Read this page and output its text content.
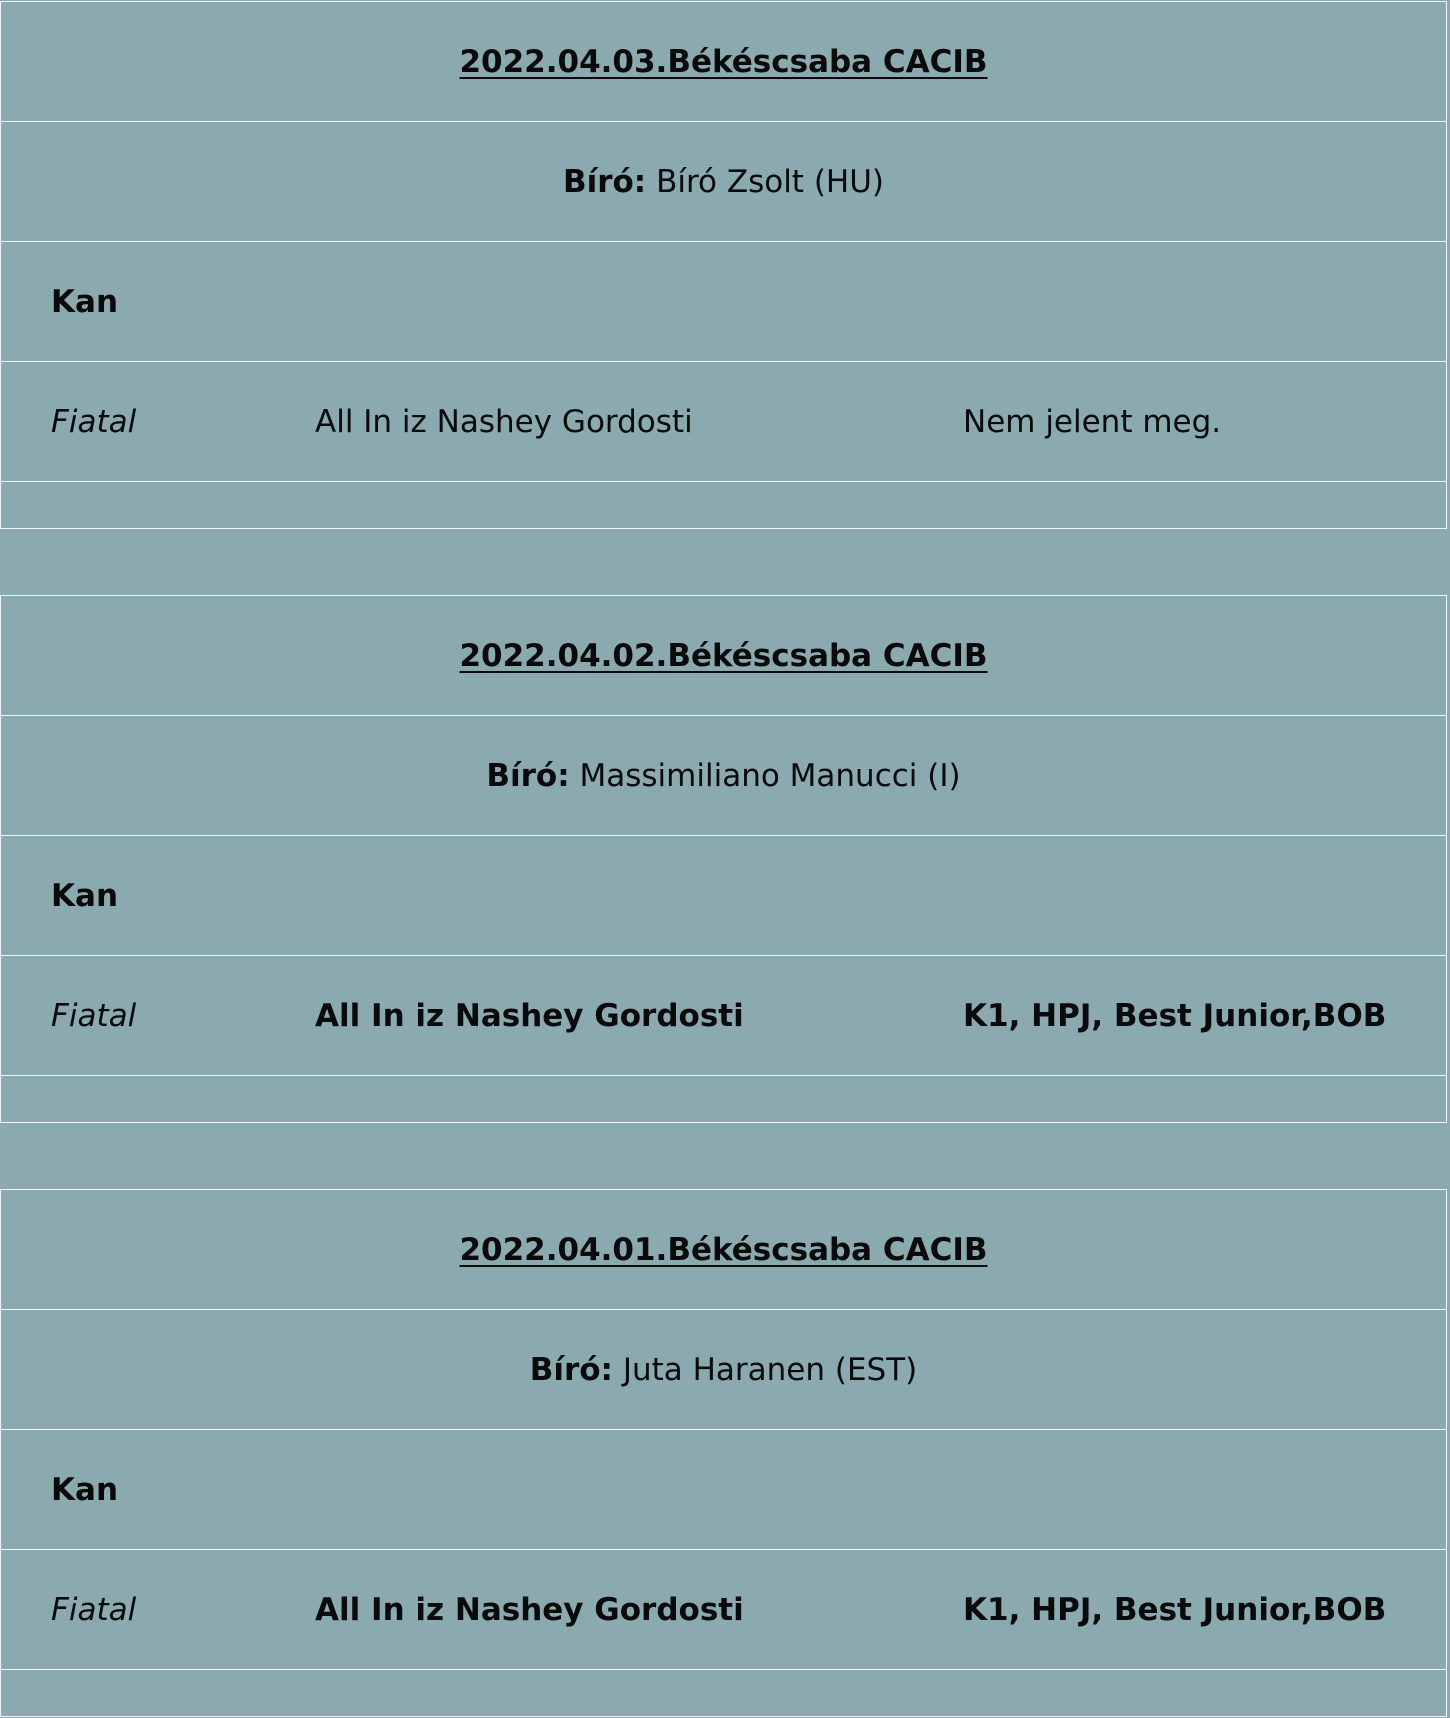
2022.04.03.Békéscsaba CACIB
Bíró:
Bíró Zsolt (HU)
Kan
Fiatal	All In iz Nashey Gordosti	Nem jelent meg.
2022.04.02.Békéscsaba CACIB
Bíró:
Massimiliano Manucci (I)
Kan
Fiatal	All In iz Nashey Gordosti	K1, HPJ, Best Junior,BOB
2022.04.01.Békéscsaba CACIB
Bíró:
Juta Haranen (EST)
Kan
Fiatal	All In iz Nashey Gordosti	K1, HPJ, Best Junior,BOB
